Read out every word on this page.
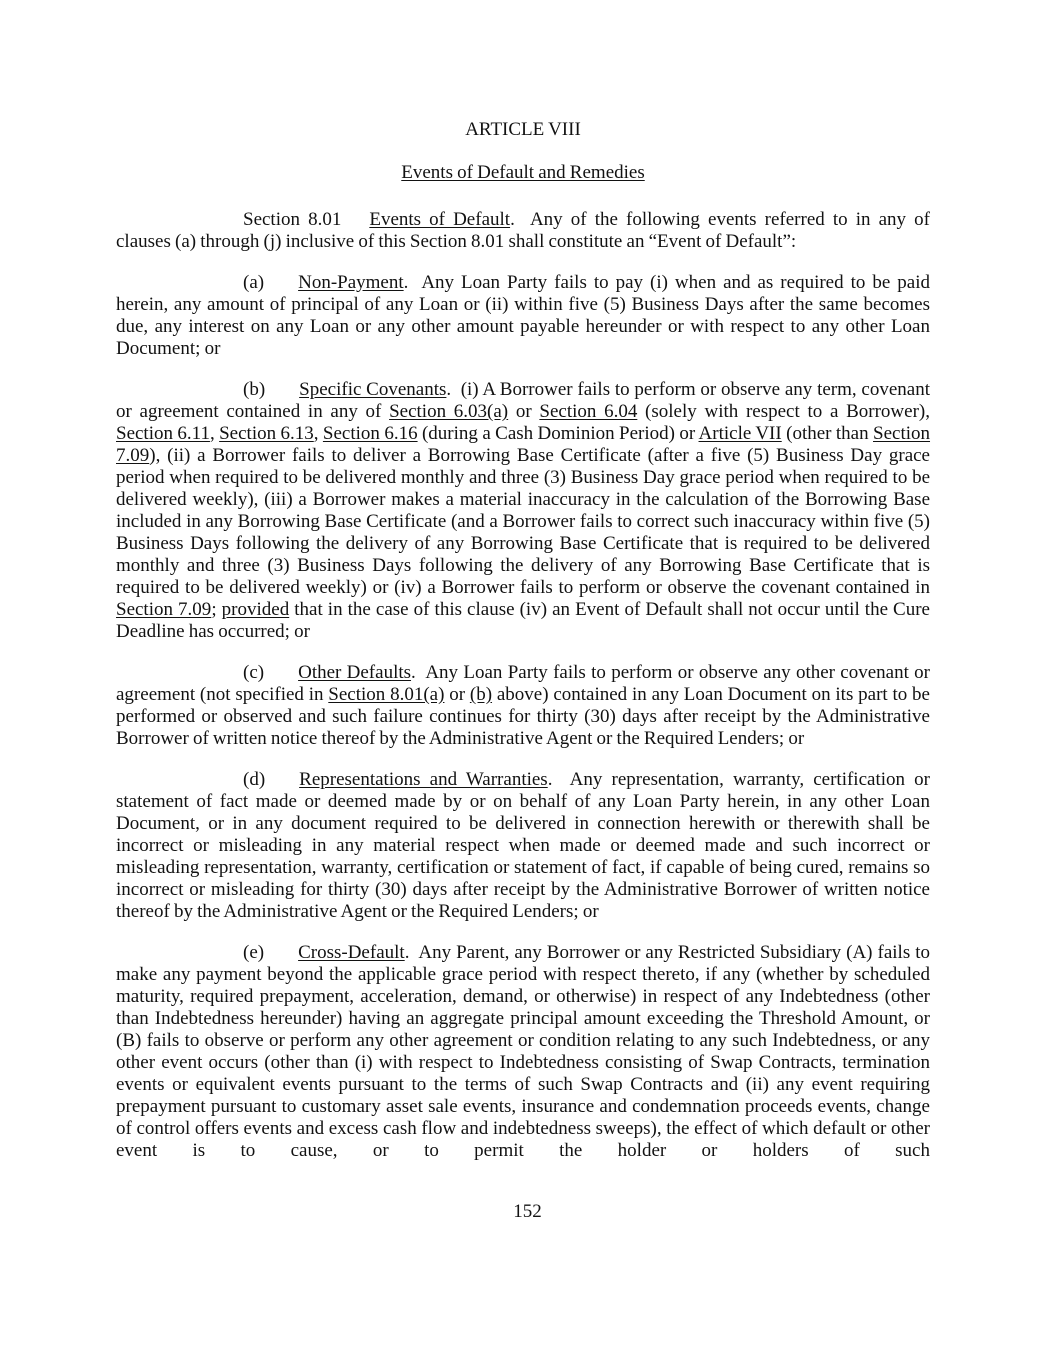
ARTICLE VIII
Events of Default and Remedies

Section 8.01 Events of Default.  Any of the following events referred to in any of clauses (a) through (j) inclusive of this Section 8.01 shall constitute an “Event of Default”:

(a) Non-Payment.  Any Loan Party fails to pay (i) when and as required to be paid herein, any amount of principal of any Loan or (ii) within five (5) Business Days after the same becomes due, any interest on any Loan or any other amount payable hereunder or with respect to any other Loan Document; or

(b) Specific Covenants.  (i) A Borrower fails to perform or observe any term, covenant or agreement contained in any of Section 6.03(a) or Section 6.04 (solely with respect to a Borrower), Section 6.11, Section 6.13, Section 6.16 (during a Cash Dominion Period) or Article VII (other than Section 7.09), (ii) a Borrower fails to deliver a Borrowing Base Certificate (after a five (5) Business Day grace period when required to be delivered monthly and three (3) Business Day grace period when required to be delivered weekly), (iii) a Borrower makes a material inaccuracy in the calculation of the Borrowing Base included in any Borrowing Base Certificate (and a Borrower fails to correct such inaccuracy within five (5) Business Days following the delivery of any Borrowing Base Certificate that is required to be delivered monthly and three (3) Business Days following the delivery of any Borrowing Base Certificate that is required to be delivered weekly) or (iv) a Borrower fails to perform or observe the covenant contained in Section 7.09; provided that in the case of this clause (iv) an Event of Default shall not occur until the Cure Deadline has occurred; or

(c) Other Defaults.  Any Loan Party fails to perform or observe any other covenant or agreement (not specified in Section 8.01(a) or (b) above) contained in any Loan Document on its part to be performed or observed and such failure continues for thirty (30) days after receipt by the Administrative Borrower of written notice thereof by the Administrative Agent or the Required Lenders; or

(d) Representations and Warranties.  Any representation, warranty, certification or statement of fact made or deemed made by or on behalf of any Loan Party herein, in any other Loan Document, or in any document required to be delivered in connection herewith or therewith shall be incorrect or misleading in any material respect when made or deemed made and such incorrect or misleading representation, warranty, certification or statement of fact, if capable of being cured, remains so incorrect or misleading for thirty (30) days after receipt by the Administrative Borrower of written notice thereof by the Administrative Agent or the Required Lenders; or

(e) Cross-Default.  Any Parent, any Borrower or any Restricted Subsidiary (A) fails to make any payment beyond the applicable grace period with respect thereto, if any (whether by scheduled maturity, required prepayment, acceleration, demand, or otherwise) in respect of any Indebtedness (other than Indebtedness hereunder) having an aggregate principal amount exceeding the Threshold Amount, or (B) fails to observe or perform any other agreement or condition relating to any such Indebtedness, or any other event occurs (other than (i) with respect to Indebtedness consisting of Swap Contracts, termination events or equivalent events pursuant to the terms of such Swap Contracts and (ii) any event requiring prepayment pursuant to customary asset sale events, insurance and condemnation proceeds events, change of control offers events and excess cash flow and indebtedness sweeps), the effect of which default or other event is to cause, or to permit the holder or holders of such

152
